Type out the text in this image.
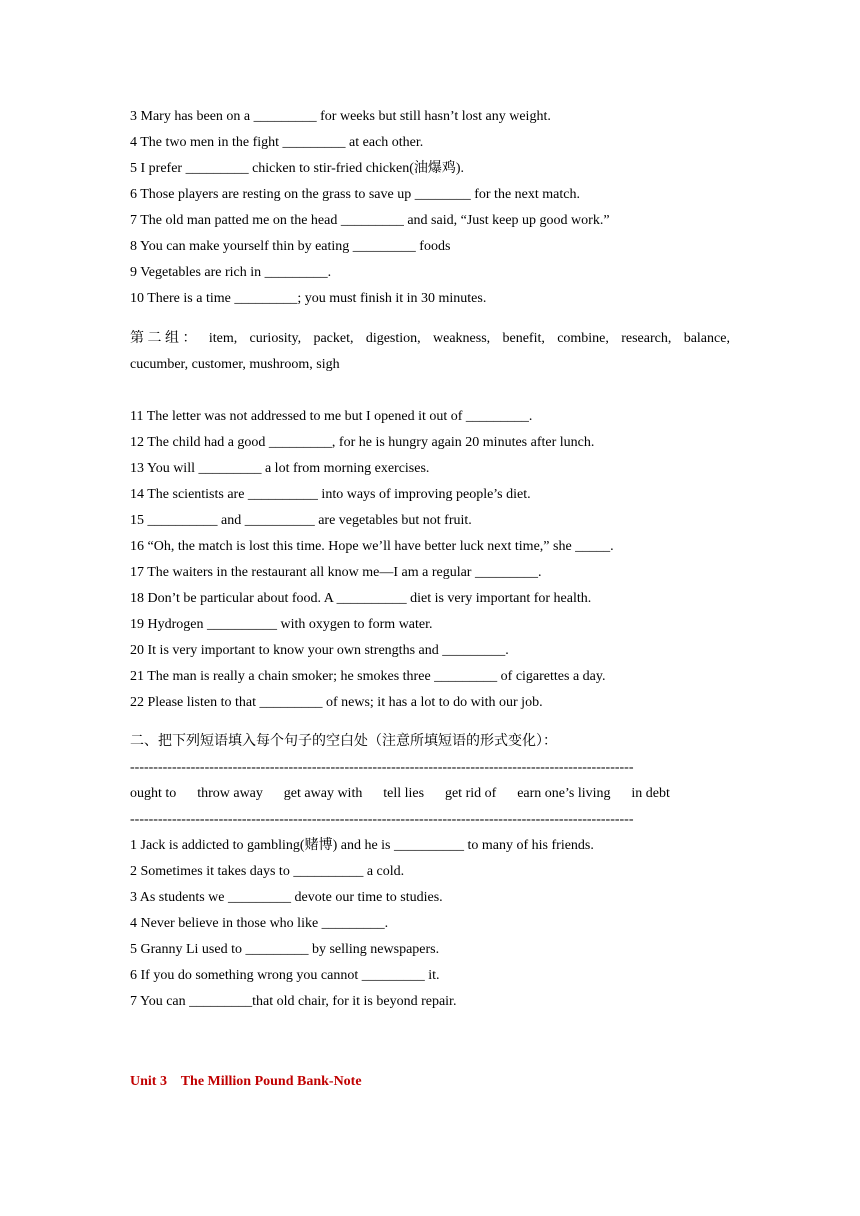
3 Mary has been on a _________ for weeks but still hasn’t lost any weight.
4 The two men in the fight _________ at each other.
5 I prefer _________ chicken to stir-fried chicken(油爆鸡).
6 Those players are resting on the grass to save up ________ for the next match.
7 The old man patted me on the head _________ and said, “Just keep up good work.”
8 You can make yourself thin by eating _________ foods
9 Vegetables are rich in _________.
10 There is a time _________; you must finish it in 30 minutes.
第 二 组 ： item, curiosity, packet, digestion, weakness, benefit, combine, research, balance,
cucumber, customer, mushroom, sigh
11 The letter was not addressed to me but I opened it out of _________.
12 The child had a good _________, for he is hungry again 20 minutes after lunch.
13 You will _________ a lot from morning exercises.
14 The scientists are __________ into ways of improving people’s diet.
15 __________ and __________ are vegetables but not fruit.
16 “Oh, the match is lost this time. Hope we’ll have better luck next time,” she _____.
17 The waiters in the restaurant all know me—I am a regular _________.
18 Don’t be particular about food. A __________ diet is very important for health.
19 Hydrogen __________ with oxygen to form water.
20 It is very important to know your own strengths and _________.
21 The man is really a chain smoker; he smokes three _________ of cigarettes a day.
22 Please listen to that _________ of news; it has a lot to do with our job.
二、把下列短语填入每个句子的空白处（注意所填短语的形式变化）：
------------------------------------------------------------------------------------------------------------
ought to throw away get away with tell lies get rid of earn one’s living in debt
------------------------------------------------------------------------------------------------------------
1 Jack is addicted to gambling(赌博) and he is __________ to many of his friends.
2 Sometimes it takes days to __________ a cold.
3 As students we _________ devote our time to studies.
4 Never believe in those who like _________.
5 Granny Li used to _________ by selling newspapers.
6 If you do something wrong you cannot _________ it.
7 You can _________that old chair, for it is beyond repair.
Unit 3    The Million Pound Bank-Note
